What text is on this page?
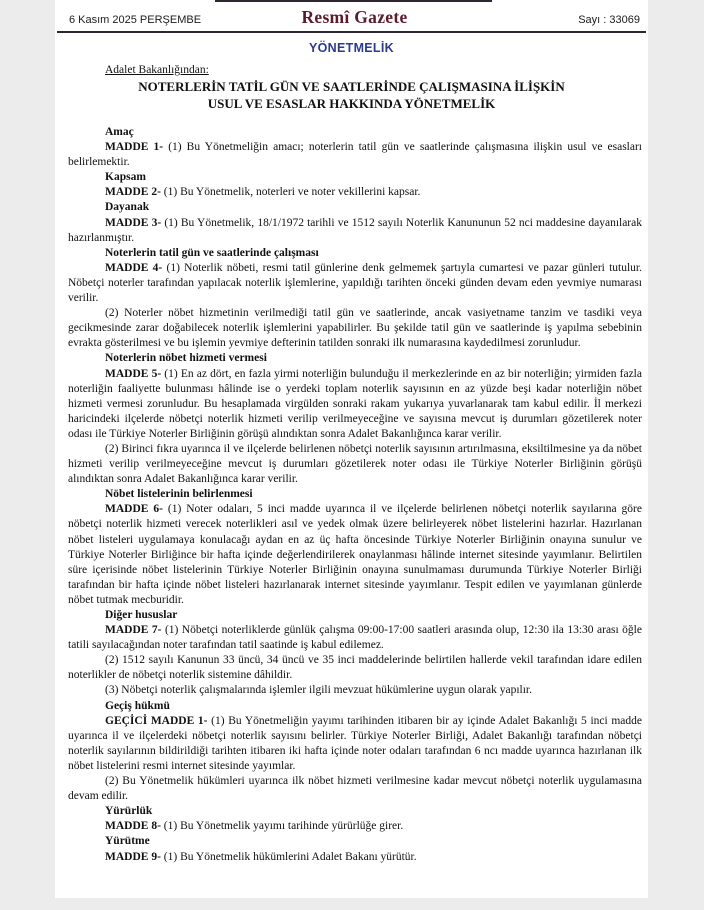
6 Kasım 2025 PERŞEMBE	Resmî Gazete	Sayı : 33069
YÖNETMELİK
Adalet Bakanlığından:
NOTERLERİN TATİL GÜN VE SAATLERİNDE ÇALIŞMASINA İLİŞKİN
USUL VE ESASLAR HAKKINDA YÖNETMELİK

Amaç

MADDE 1- (1) Bu Yönetmeliğin amacı; noterlerin tatil gün ve saatlerinde çalışmasına ilişkin usul ve esasları belirlemektir.

Kapsam

MADDE 2- (1) Bu Yönetmelik, noterleri ve noter vekillerini kapsar.

Dayanak

MADDE 3- (1) Bu Yönetmelik, 18/1/1972 tarihli ve 1512 sayılı Noterlik Kanununun 52 nci maddesine dayanılarak hazırlanmıştır.

Noterlerin tatil gün ve saatlerinde çalışması

MADDE 4- (1) Noterlik nöbeti, resmi tatil günlerine denk gelmemek şartıyla cumartesi ve pazar günleri tutulur. Nöbetçi noterler tarafından yapılacak noterlik işlemlerine, yapıldığı tarihten önceki günden devam eden yevmiye numarası verilir.

(2) Noterler nöbet hizmetinin verilmediği tatil gün ve saatlerinde, ancak vasiyetname tanzim ve tasdiki veya gecikmesinde zarar doğabilecek noterlik işlemlerini yapabilirler. Bu şekilde tatil gün ve saatlerinde iş yapılma sebebinin evrakta gösterilmesi ve bu işlemin yevmiye defterinin tatilden sonraki ilk numarasına kaydedilmesi zorunludur.

Noterlerin nöbet hizmeti vermesi

MADDE 5- (1) En az dört, en fazla yirmi noterliğin bulunduğu il merkezlerinde en az bir noterliğin; yirmiden fazla noterliğin faaliyette bulunması hâlinde ise o yerdeki toplam noterlik sayısının en az yüzde beşi kadar noterliğin nöbet hizmeti vermesi zorunludur. Bu hesaplamada virgülden sonraki rakam yukarıya yuvarlanarak tam kabul edilir. İl merkezi haricindeki ilçelerde nöbetçi noterlik hizmeti verilip verilmeyeceğine ve sayısına mevcut iş durumları gözetilerek noter odası ile Türkiye Noterler Birliğinin görüşü alındıktan sonra Adalet Bakanlığınca karar verilir.

(2) Birinci fıkra uyarınca il ve ilçelerde belirlenen nöbetçi noterlik sayısının artırılmasına, eksiltilmesine ya da nöbet hizmeti verilip verilmeyeceğine mevcut iş durumları gözetilerek noter odası ile Türkiye Noterler Birliğinin görüşü alındıktan sonra Adalet Bakanlığınca karar verilir.

Nöbet listelerinin belirlenmesi

MADDE 6- (1) Noter odaları, 5 inci madde uyarınca il ve ilçelerde belirlenen nöbetçi noterlik sayılarına göre nöbetçi noterlik hizmeti verecek noterlikleri asıl ve yedek olmak üzere belirleyerek nöbet listelerini hazırlar. Hazırlanan nöbet listeleri uygulamaya konulacağı aydan en az üç hafta öncesinde Türkiye Noterler Birliğinin onayına sunulur ve Türkiye Noterler Birliğince bir hafta içinde değerlendirilerek onaylanması hâlinde internet sitesinde yayımlanır. Belirtilen süre içerisinde nöbet listelerinin Türkiye Noterler Birliğinin onayına sunulmaması durumunda Türkiye Noterler Birliği tarafından bir hafta içinde nöbet listeleri hazırlanarak internet sitesinde yayımlanır. Tespit edilen ve yayımlanan günlerde nöbet tutmak mecburidir.

Diğer hususlar

MADDE 7- (1) Nöbetçi noterliklerde günlük çalışma 09:00-17:00 saatleri arasında olup, 12:30 ila 13:30 arası öğle tatili sayılacağından noter tarafından tatil saatinde iş kabul edilemez.

(2) 1512 sayılı Kanunun 33 üncü, 34 üncü ve 35 inci maddelerinde belirtilen hallerde vekil tarafından idare edilen noterlikler de nöbetçi noterlik sistemine dâhildir.

(3) Nöbetçi noterlik çalışmalarında işlemler ilgili mevzuat hükümlerine uygun olarak yapılır.

Geçiş hükmü

GEÇİCİ MADDE 1- (1) Bu Yönetmeliğin yayımı tarihinden itibaren bir ay içinde Adalet Bakanlığı 5 inci madde uyarınca il ve ilçelerdeki nöbetçi noterlik sayısını belirler. Türkiye Noterler Birliği, Adalet Bakanlığı tarafından nöbetçi noterlik sayılarının bildirildiği tarihten itibaren iki hafta içinde noter odaları tarafından 6 ncı madde uyarınca hazırlanan ilk nöbet listelerini resmi internet sitesinde yayımlar.

(2) Bu Yönetmelik hükümleri uyarınca ilk nöbet hizmeti verilmesine kadar mevcut nöbetçi noterlik uygulamasına devam edilir.

Yürürlük

MADDE 8- (1) Bu Yönetmelik yayımı tarihinde yürürlüğe girer.

Yürütme

MADDE 9- (1) Bu Yönetmelik hükümlerini Adalet Bakanı yürütür.
